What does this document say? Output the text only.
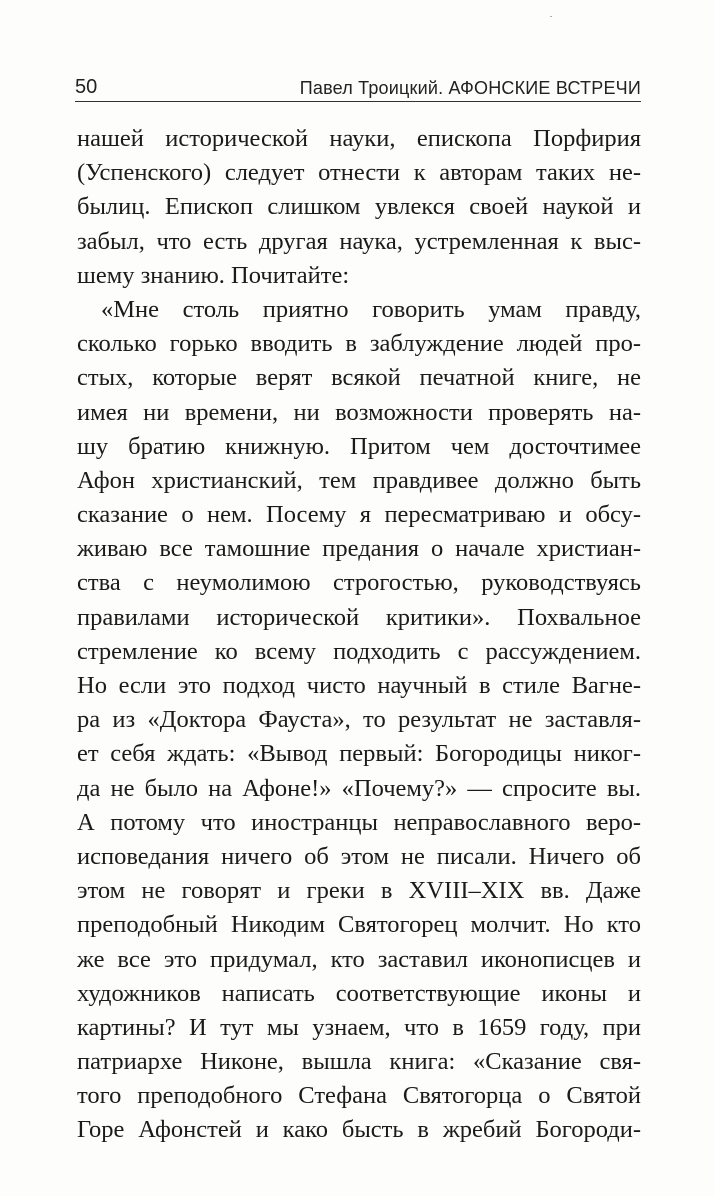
50	Павел Троицкий. АФОНСКИЕ ВСТРЕЧИ
нашей исторической науки, епископа Порфирия
(Успенского) следует отнести к авторам таких не-
былиц. Епископ слишком увлекся своей наукой и
забыл, что есть другая наука, устремленная к выс-
шему знанию. Почитайте:
«Мне столь приятно говорить умам правду,
сколько горько вводить в заблуждение людей про-
стых, которые верят всякой печатной книге, не
имея ни времени, ни возможности проверять на-
шу братию книжную. Притом чем досточтимее
Афон христианский, тем правдивее должно быть
сказание о нем. Посему я пересматриваю и обсу-
живаю все тамошние предания о начале христиан-
ства с неумолимою строгостью, руководствуясь
правилами исторической критики». Похвальное
стремление ко всему подходить с рассуждением.
Но если это подход чисто научный в стиле Вагне-
ра из «Доктора Фауста», то результат не заставля-
ет себя ждать: «Вывод первый: Богородицы никог-
да не было на Афоне!» «Почему?» — спросите вы.
А потому что иностранцы неправославного веро-
исповедания ничего об этом не писали. Ничего об
этом не говорят и греки в XVIII–XIX вв. Даже
преподобный Никодим Святогорец молчит. Но кто
же все это придумал, кто заставил иконописцев и
художников написать соответствующие иконы и
картины? И тут мы узнаем, что в 1659 году, при
патриархе Никоне, вышла книга: «Сказание свя-
того преподобного Стефана Святогорца о Святой
Горе Афонстей и како бысть в жребий Богороди-
